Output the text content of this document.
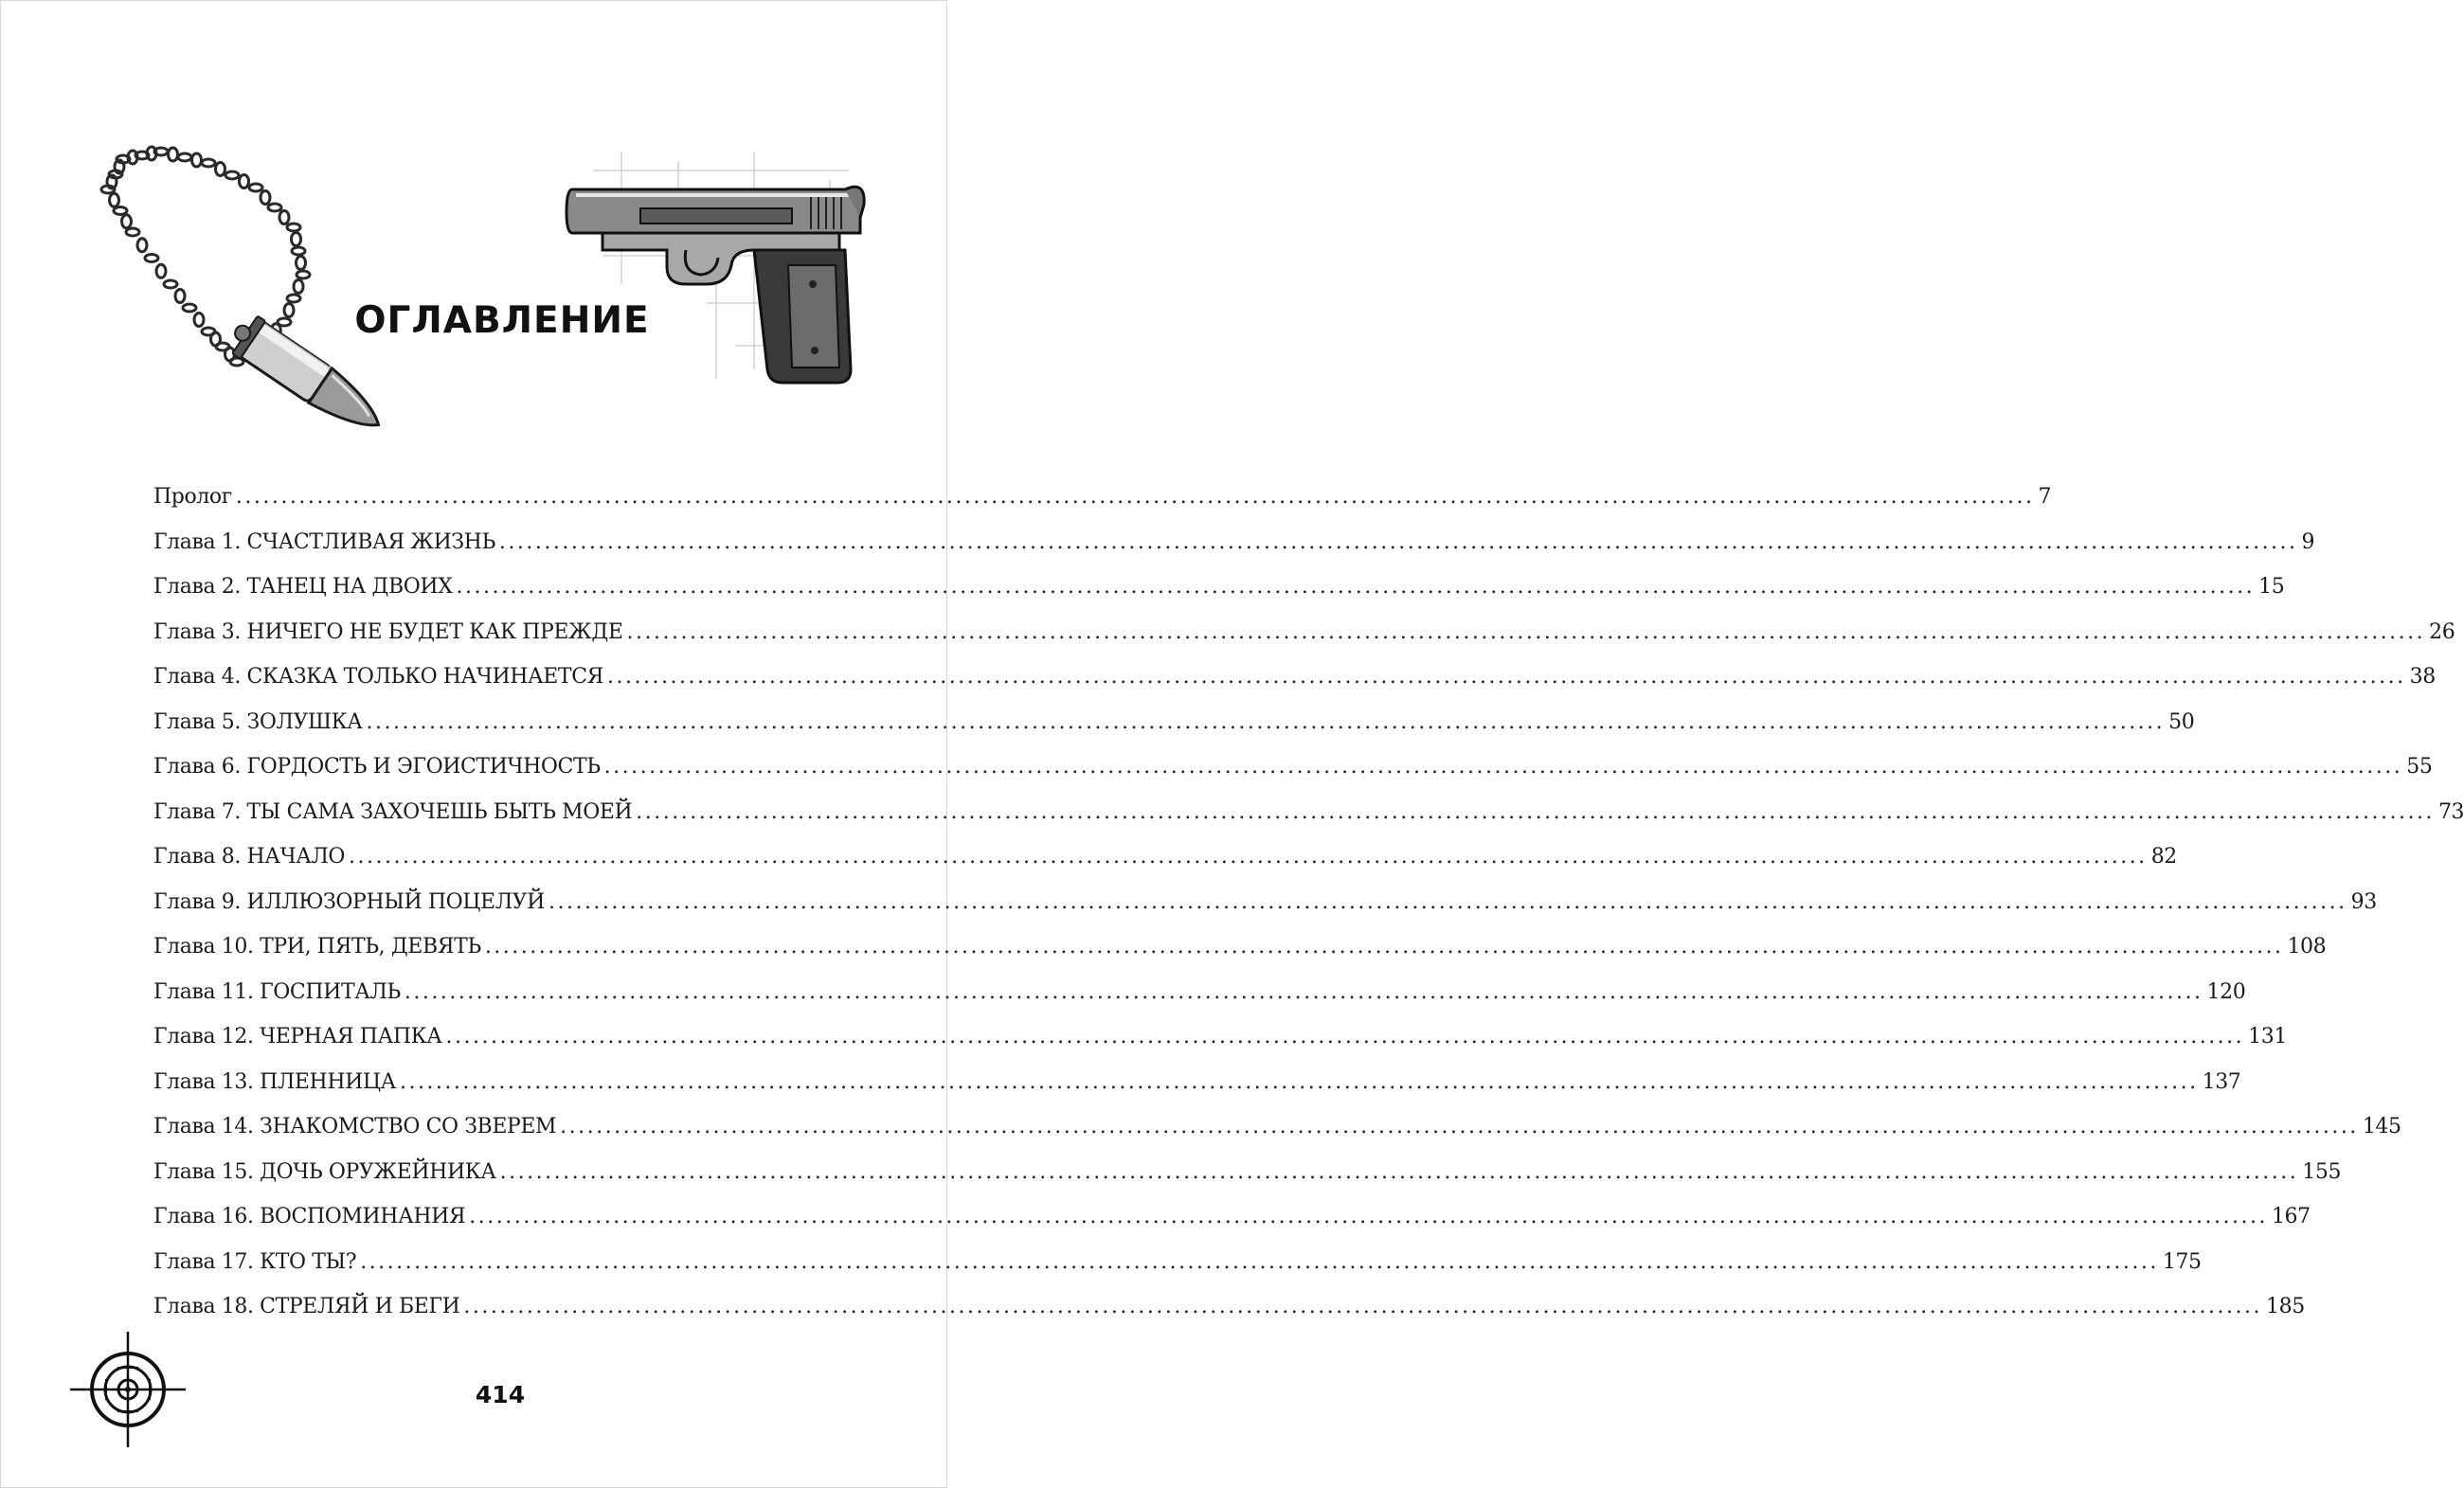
ОГЛАВЛЕНИЕ
Пролог ........................................................................................................................................................................................................ 7
Глава 1. СЧАСТЛИВАЯ ЖИЗНЬ ........................................................................................................................................................................................................ 9
Глава 2. ТАНЕЦ НА ДВОИХ ........................................................................................................................................................................................................ 15
Глава 3. НИЧЕГО НЕ БУДЕТ КАК ПРЕЖДЕ ........................................................................................................................................................................................................ 26
Глава 4. СКАЗКА ТОЛЬКО НАЧИНАЕТСЯ ........................................................................................................................................................................................................ 38
Глава 5. ЗОЛУШКА ........................................................................................................................................................................................................ 50
Глава 6. ГОРДОСТЬ И ЭГОИСТИЧНОСТЬ ........................................................................................................................................................................................................ 55
Глава 7. ТЫ САМА ЗАХОЧЕШЬ БЫТЬ МОЕЙ ........................................................................................................................................................................................................ 73
Глава 8. НАЧАЛО ........................................................................................................................................................................................................ 82
Глава 9. ИЛЛЮЗОРНЫЙ ПОЦЕЛУЙ ........................................................................................................................................................................................................ 93
Глава 10. ТРИ, ПЯТЬ, ДЕВЯТЬ ........................................................................................................................................................................................................ 108
Глава 11. ГОСПИТАЛЬ ........................................................................................................................................................................................................ 120
Глава 12. ЧЕРНАЯ ПАПКА ........................................................................................................................................................................................................ 131
Глава 13. ПЛЕННИЦА ........................................................................................................................................................................................................ 137
Глава 14. ЗНАКОМСТВО СО ЗВЕРЕМ ........................................................................................................................................................................................................ 145
Глава 15. ДОЧЬ ОРУЖЕЙНИКА ........................................................................................................................................................................................................ 155
Глава 16. ВОСПОМИНАНИЯ ........................................................................................................................................................................................................ 167
Глава 17. КТО ТЫ? ........................................................................................................................................................................................................ 175
Глава 18. СТРЕЛЯЙ И БЕГИ ........................................................................................................................................................................................................ 185
414
